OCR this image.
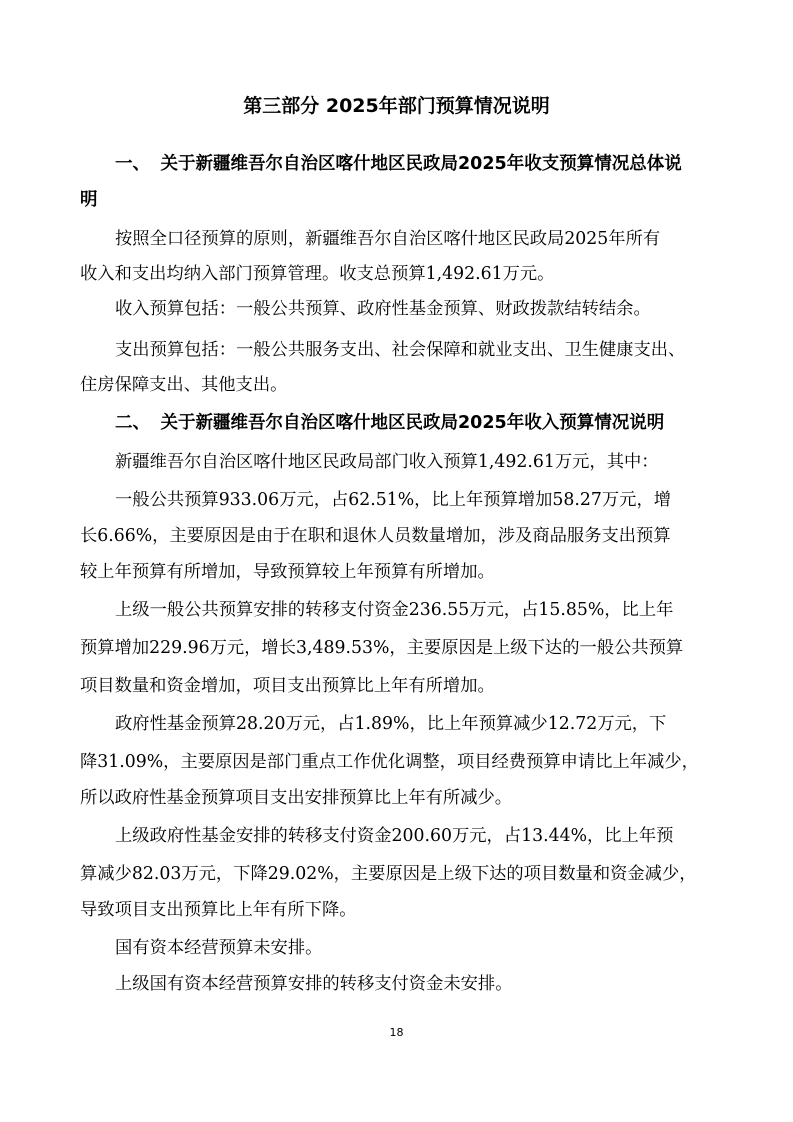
第三部分 2025年部门预算情况说明
一、 关于新疆维吾尔自治区喀什地区民政局2025年收支预算情况总体说
明
按照全口径预算的原则，新疆维吾尔自治区喀什地区民政局2025年所有
收入和支出均纳入部门预算管理。收支总预算1,492.61万元。
收入预算包括：一般公共预算、政府性基金预算、财政拨款结转结余。
支出预算包括：一般公共服务支出、社会保障和就业支出、卫生健康支出、
住房保障支出、其他支出。
二、 关于新疆维吾尔自治区喀什地区民政局2025年收入预算情况说明
新疆维吾尔自治区喀什地区民政局部门收入预算1,492.61万元，其中：
一般公共预算933.06万元，占62.51%，比上年预算增加58.27万元，增
长6.66%，主要原因是由于在职和退休人员数量增加，涉及商品服务支出预算
较上年预算有所增加，导致预算较上年预算有所增加。
上级一般公共预算安排的转移支付资金236.55万元，占15.85%，比上年
预算增加229.96万元，增长3,489.53%，主要原因是上级下达的一般公共预算
项目数量和资金增加，项目支出预算比上年有所增加。
政府性基金预算28.20万元，占1.89%，比上年预算减少12.72万元，下
降31.09%，主要原因是部门重点工作优化调整，项目经费预算申请比上年减少，
所以政府性基金预算项目支出安排预算比上年有所减少。
上级政府性基金安排的转移支付资金200.60万元，占13.44%，比上年预
算减少82.03万元，下降29.02%，主要原因是上级下达的项目数量和资金减少，
导致项目支出预算比上年有所下降。
国有资本经营预算未安排。
上级国有资本经营预算安排的转移支付资金未安排。
18
